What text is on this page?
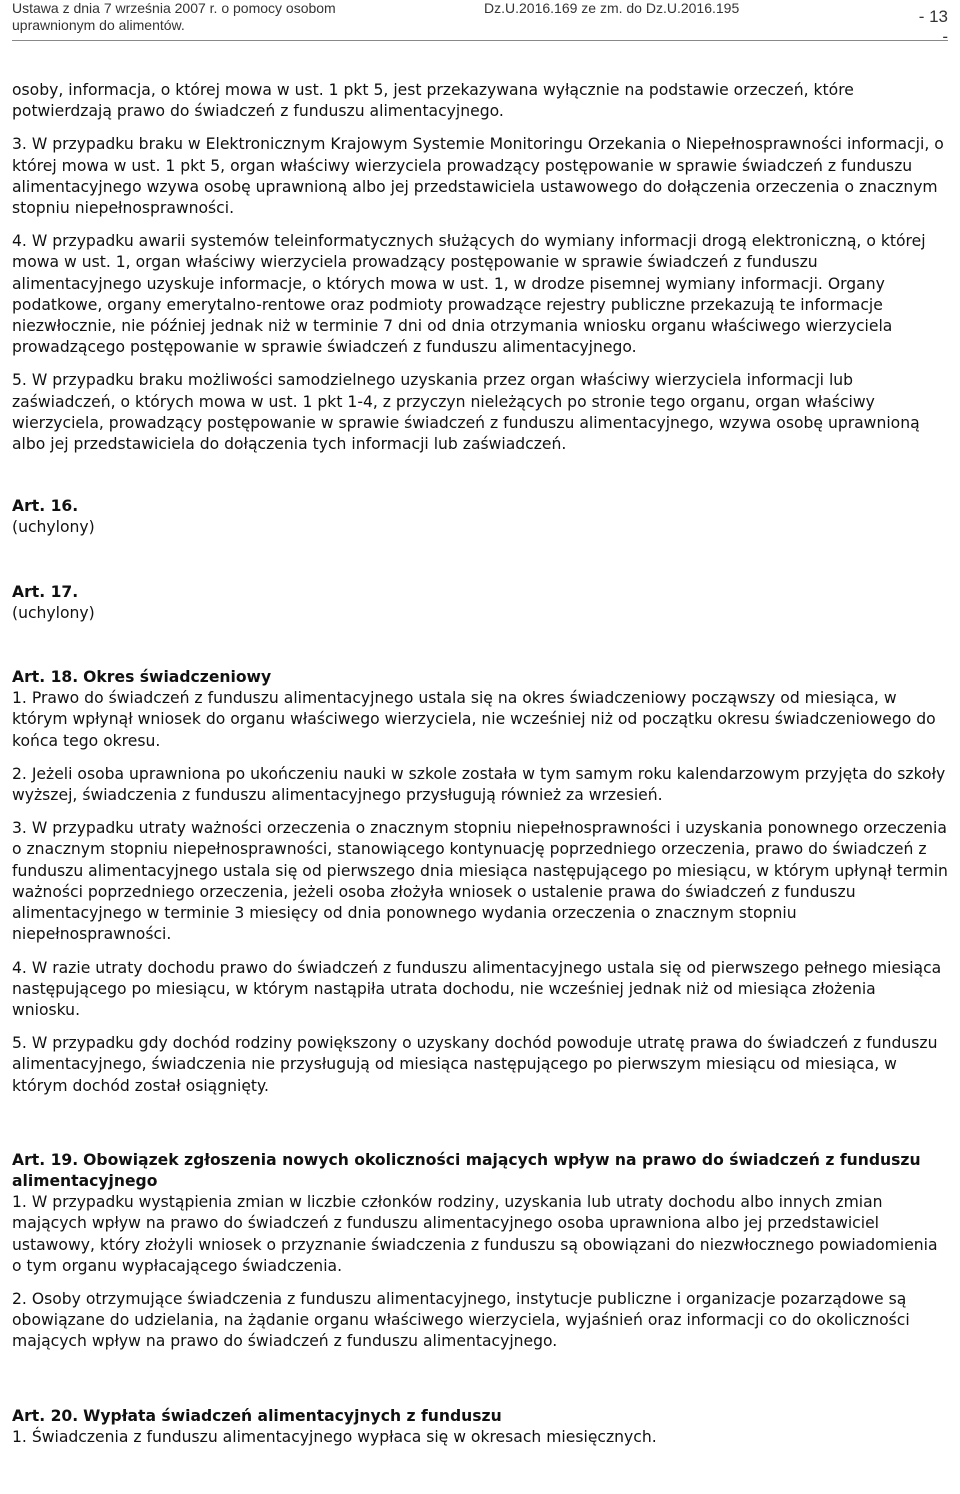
Ustawa z dnia 7 września 2007 r. o pomocy osobom
uprawnionym do alimentów.
Dz.U.2016.169 ze zm. do Dz.U.2016.195	- 13
-

osoby, informacja, o której mowa w ust. 1 pkt 5, jest przekazywana wyłącznie na podstawie orzeczeń, które potwierdzają prawo do świadczeń z funduszu alimentacyjnego.

3. W przypadku braku w Elektronicznym Krajowym Systemie Monitoringu Orzekania o Niepełnosprawności informacji, o której mowa w ust. 1 pkt 5, organ właściwy wierzyciela prowadzący postępowanie w sprawie świadczeń z funduszu alimentacyjnego wzywa osobę uprawnioną albo jej przedstawiciela ustawowego do dołączenia orzeczenia o znacznym stopniu niepełnosprawności.

4. W przypadku awarii systemów teleinformatycznych służących do wymiany informacji drogą elektroniczną, o której mowa w ust. 1, organ właściwy wierzyciela prowadzący postępowanie w sprawie świadczeń z funduszu alimentacyjnego uzyskuje informacje, o których mowa w ust. 1, w drodze pisemnej wymiany informacji. Organy podatkowe, organy emerytalno-rentowe oraz podmioty prowadzące rejestry publiczne przekazują te informacje niezwłocznie, nie później jednak niż w terminie 7 dni od dnia otrzymania wniosku organu właściwego wierzyciela prowadzącego postępowanie w sprawie świadczeń z funduszu alimentacyjnego.

5. W przypadku braku możliwości samodzielnego uzyskania przez organ właściwy wierzyciela informacji lub zaświadczeń, o których mowa w ust. 1 pkt 1-4, z przyczyn nieleżących po stronie tego organu, organ właściwy wierzyciela, prowadzący postępowanie w sprawie świadczeń z funduszu alimentacyjnego, wzywa osobę uprawnioną albo jej przedstawiciela do dołączenia tych informacji lub zaświadczeń.

Art. 16.
(uchylony)
Art. 17.
(uchylony)
Art. 18. Okres świadczeniowy

1. Prawo do świadczeń z funduszu alimentacyjnego ustala się na okres świadczeniowy począwszy od miesiąca, w którym wpłynął wniosek do organu właściwego wierzyciela, nie wcześniej niż od początku okresu świadczeniowego do końca tego okresu.

2. Jeżeli osoba uprawniona po ukończeniu nauki w szkole została w tym samym roku kalendarzowym przyjęta do szkoły wyższej, świadczenia z funduszu alimentacyjnego przysługują również za wrzesień.

3. W przypadku utraty ważności orzeczenia o znacznym stopniu niepełnosprawności i uzyskania ponownego orzeczenia o znacznym stopniu niepełnosprawności, stanowiącego kontynuację poprzedniego orzeczenia, prawo do świadczeń z funduszu alimentacyjnego ustala się od pierwszego dnia miesiąca następującego po miesiącu, w którym upłynął termin ważności poprzedniego orzeczenia, jeżeli osoba złożyła wniosek o ustalenie prawa do świadczeń z funduszu alimentacyjnego w terminie 3 miesięcy od dnia ponownego wydania orzeczenia o znacznym stopniu niepełnosprawności.

4. W razie utraty dochodu prawo do świadczeń z funduszu alimentacyjnego ustala się od pierwszego pełnego miesiąca następującego po miesiącu, w którym nastąpiła utrata dochodu, nie wcześniej jednak niż od miesiąca złożenia wniosku.

5. W przypadku gdy dochód rodziny powiększony o uzyskany dochód powoduje utratę prawa do świadczeń z funduszu alimentacyjnego, świadczenia nie przysługują od miesiąca następującego po pierwszym miesiącu od miesiąca, w którym dochód został osiągnięty.

Art. 19. Obowiązek zgłoszenia nowych okoliczności mających wpływ na prawo do świadczeń z funduszu alimentacyjnego

1. W przypadku wystąpienia zmian w liczbie członków rodziny, uzyskania lub utraty dochodu albo innych zmian mających wpływ na prawo do świadczeń z funduszu alimentacyjnego osoba uprawniona albo jej przedstawiciel ustawowy, który złożyli wniosek o przyznanie świadczenia z funduszu są obowiązani do niezwłocznego powiadomienia o tym organu wypłacającego świadczenia.

2. Osoby otrzymujące świadczenia z funduszu alimentacyjnego, instytucje publiczne i organizacje pozarządowe są obowiązane do udzielania, na żądanie organu właściwego wierzyciela, wyjaśnień oraz informacji co do okoliczności mających wpływ na prawo do świadczeń z funduszu alimentacyjnego.

Art. 20. Wypłata świadczeń alimentacyjnych z funduszu

1. Świadczenia z funduszu alimentacyjnego wypłaca się w okresach miesięcznych.
